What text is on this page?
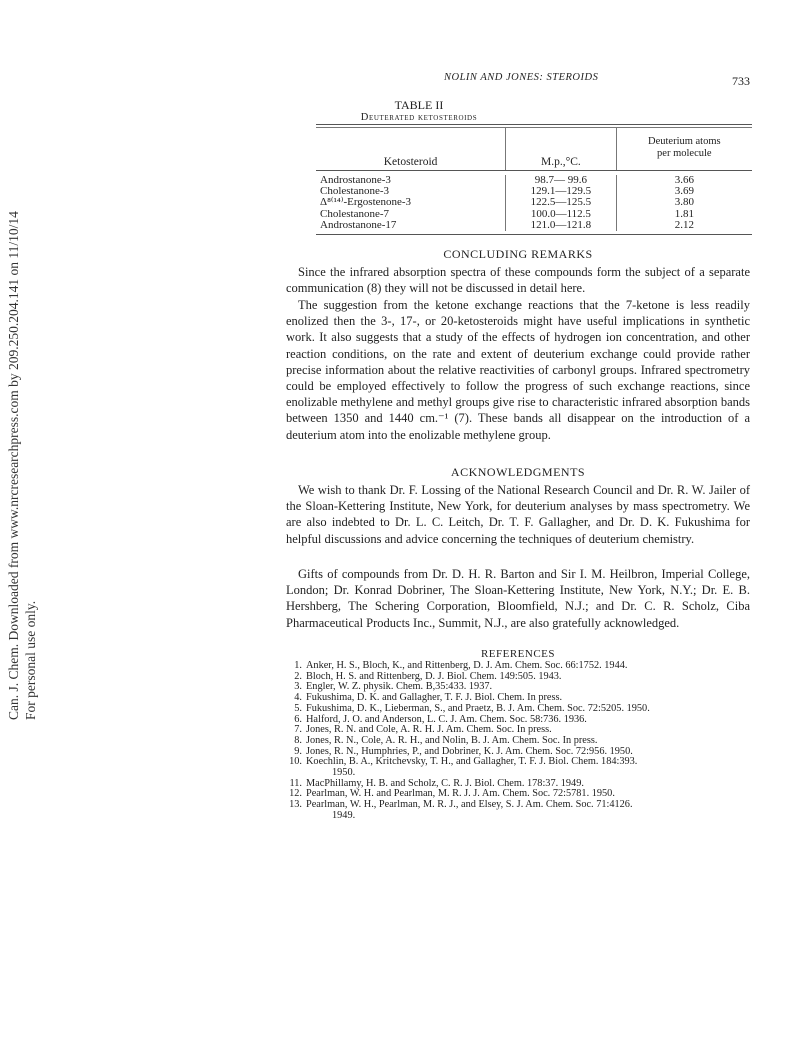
Can. J. Chem. Downloaded from www.nrcresearchpress.com by 209.250.204.141 on 11/10/14 For personal use only.
NOLIN AND JONES: STEROIDS	733
TABLE II
Deuterated ketosteroids
Ketosteroid	M.p.,°C.
Deuterium atoms
per molecule
Androstanone-3	98.7— 99.6	3.66
Cholestanone-3	129.1—129.5	3.69
Δ⁸⁽¹⁴⁾-Ergostenone-3	122.5—125.5	3.80
Cholestanone-7	100.0—112.5	1.81
Androstanone-17	121.0—121.8	2.12
CONCLUDING REMARKS

Since the infrared absorption spectra of these compounds form the subject of a separate communication (8) they will not be discussed in detail here.

The suggestion from the ketone exchange reactions that the 7-ketone is less readily enolized then the 3-, 17-, or 20-ketosteroids might have useful implications in synthetic work. It also suggests that a study of the effects of hydrogen ion concentration, and other reaction conditions, on the rate and extent of deuterium exchange could provide rather precise information about the relative reactivities of carbonyl groups. Infrared spectrometry could be employed effectively to follow the progress of such exchange reactions, since enolizable methylene and methyl groups give rise to characteristic infrared absorption bands between 1350 and 1440 cm.⁻¹ (7). These bands all disappear on the introduction of a deuterium atom into the enolizable methylene group.

ACKNOWLEDGMENTS

We wish to thank Dr. F. Lossing of the National Research Council and Dr. R. W. Jailer of the Sloan-Kettering Institute, New York, for deuterium analyses by mass spectrometry. We are also indebted to Dr. L. C. Leitch, Dr. T. F. Gallagher, and Dr. D. K. Fukushima for helpful discussions and advice concerning the techniques of deuterium chemistry.

Gifts of compounds from Dr. D. H. R. Barton and Sir I. M. Heilbron, Imperial College, London; Dr. Konrad Dobriner, The Sloan-Kettering Institute, New York, N.Y.; Dr. E. B. Hershberg, The Schering Corporation, Bloomfield, N.J.; and Dr. C. R. Scholz, Ciba Pharmaceutical Products Inc., Summit, N.J., are also gratefully acknowledged.

REFERENCES
1. Anker, H. S., Bloch, K., and Rittenberg, D. J. Am. Chem. Soc. 66:1752. 1944.
2. Bloch, H. S. and Rittenberg, D. J. Biol. Chem. 149:505. 1943.
3. Engler, W. Z. physik. Chem. B,35:433. 1937.
4. Fukushima, D. K. and Gallagher, T. F. J. Biol. Chem. In press.
5. Fukushima, D. K., Lieberman, S., and Praetz, B. J. Am. Chem. Soc. 72:5205. 1950.
6. Halford, J. O. and Anderson, L. C. J. Am. Chem. Soc. 58:736. 1936.
7. Jones, R. N. and Cole, A. R. H. J. Am. Chem. Soc. In press.
8. Jones, R. N., Cole, A. R. H., and Nolin, B. J. Am. Chem. Soc. In press.
9. Jones, R. N., Humphries, P., and Dobriner, K. J. Am. Chem. Soc. 72:956. 1950.
10. Koechlin, B. A., Kritchevsky, T. H., and Gallagher, T. F. J. Biol. Chem. 184:393.
1950.
11. MacPhillamy, H. B. and Scholz, C. R. J. Biol. Chem. 178:37. 1949.
12. Pearlman, W. H. and Pearlman, M. R. J. J. Am. Chem. Soc. 72:5781. 1950.
13. Pearlman, W. H., Pearlman, M. R. J., and Elsey, S. J. Am. Chem. Soc. 71:4126.
1949.
